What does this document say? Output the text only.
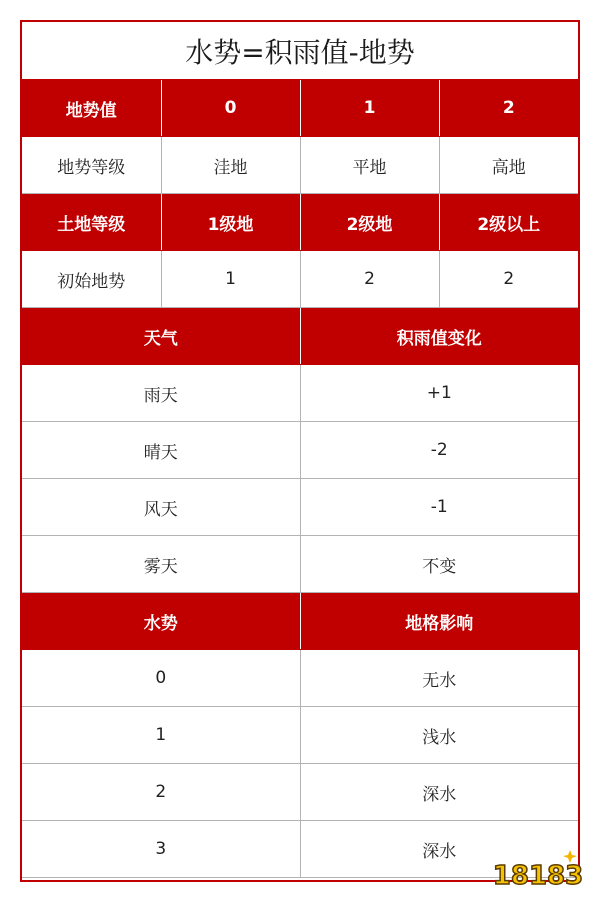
水势=积雨值-地势			
地势值	0	1	2
地势等级	洼地	平地	高地
土地等级	1级地	2级地	2级以上
初始地势	1	2	2
天气	积雨值变化
雨天	+1
晴天	-2
风天	-1
雾天	不变
水势	地格影响
0	无水
1	浅水
2	深水
3	深水
18183
